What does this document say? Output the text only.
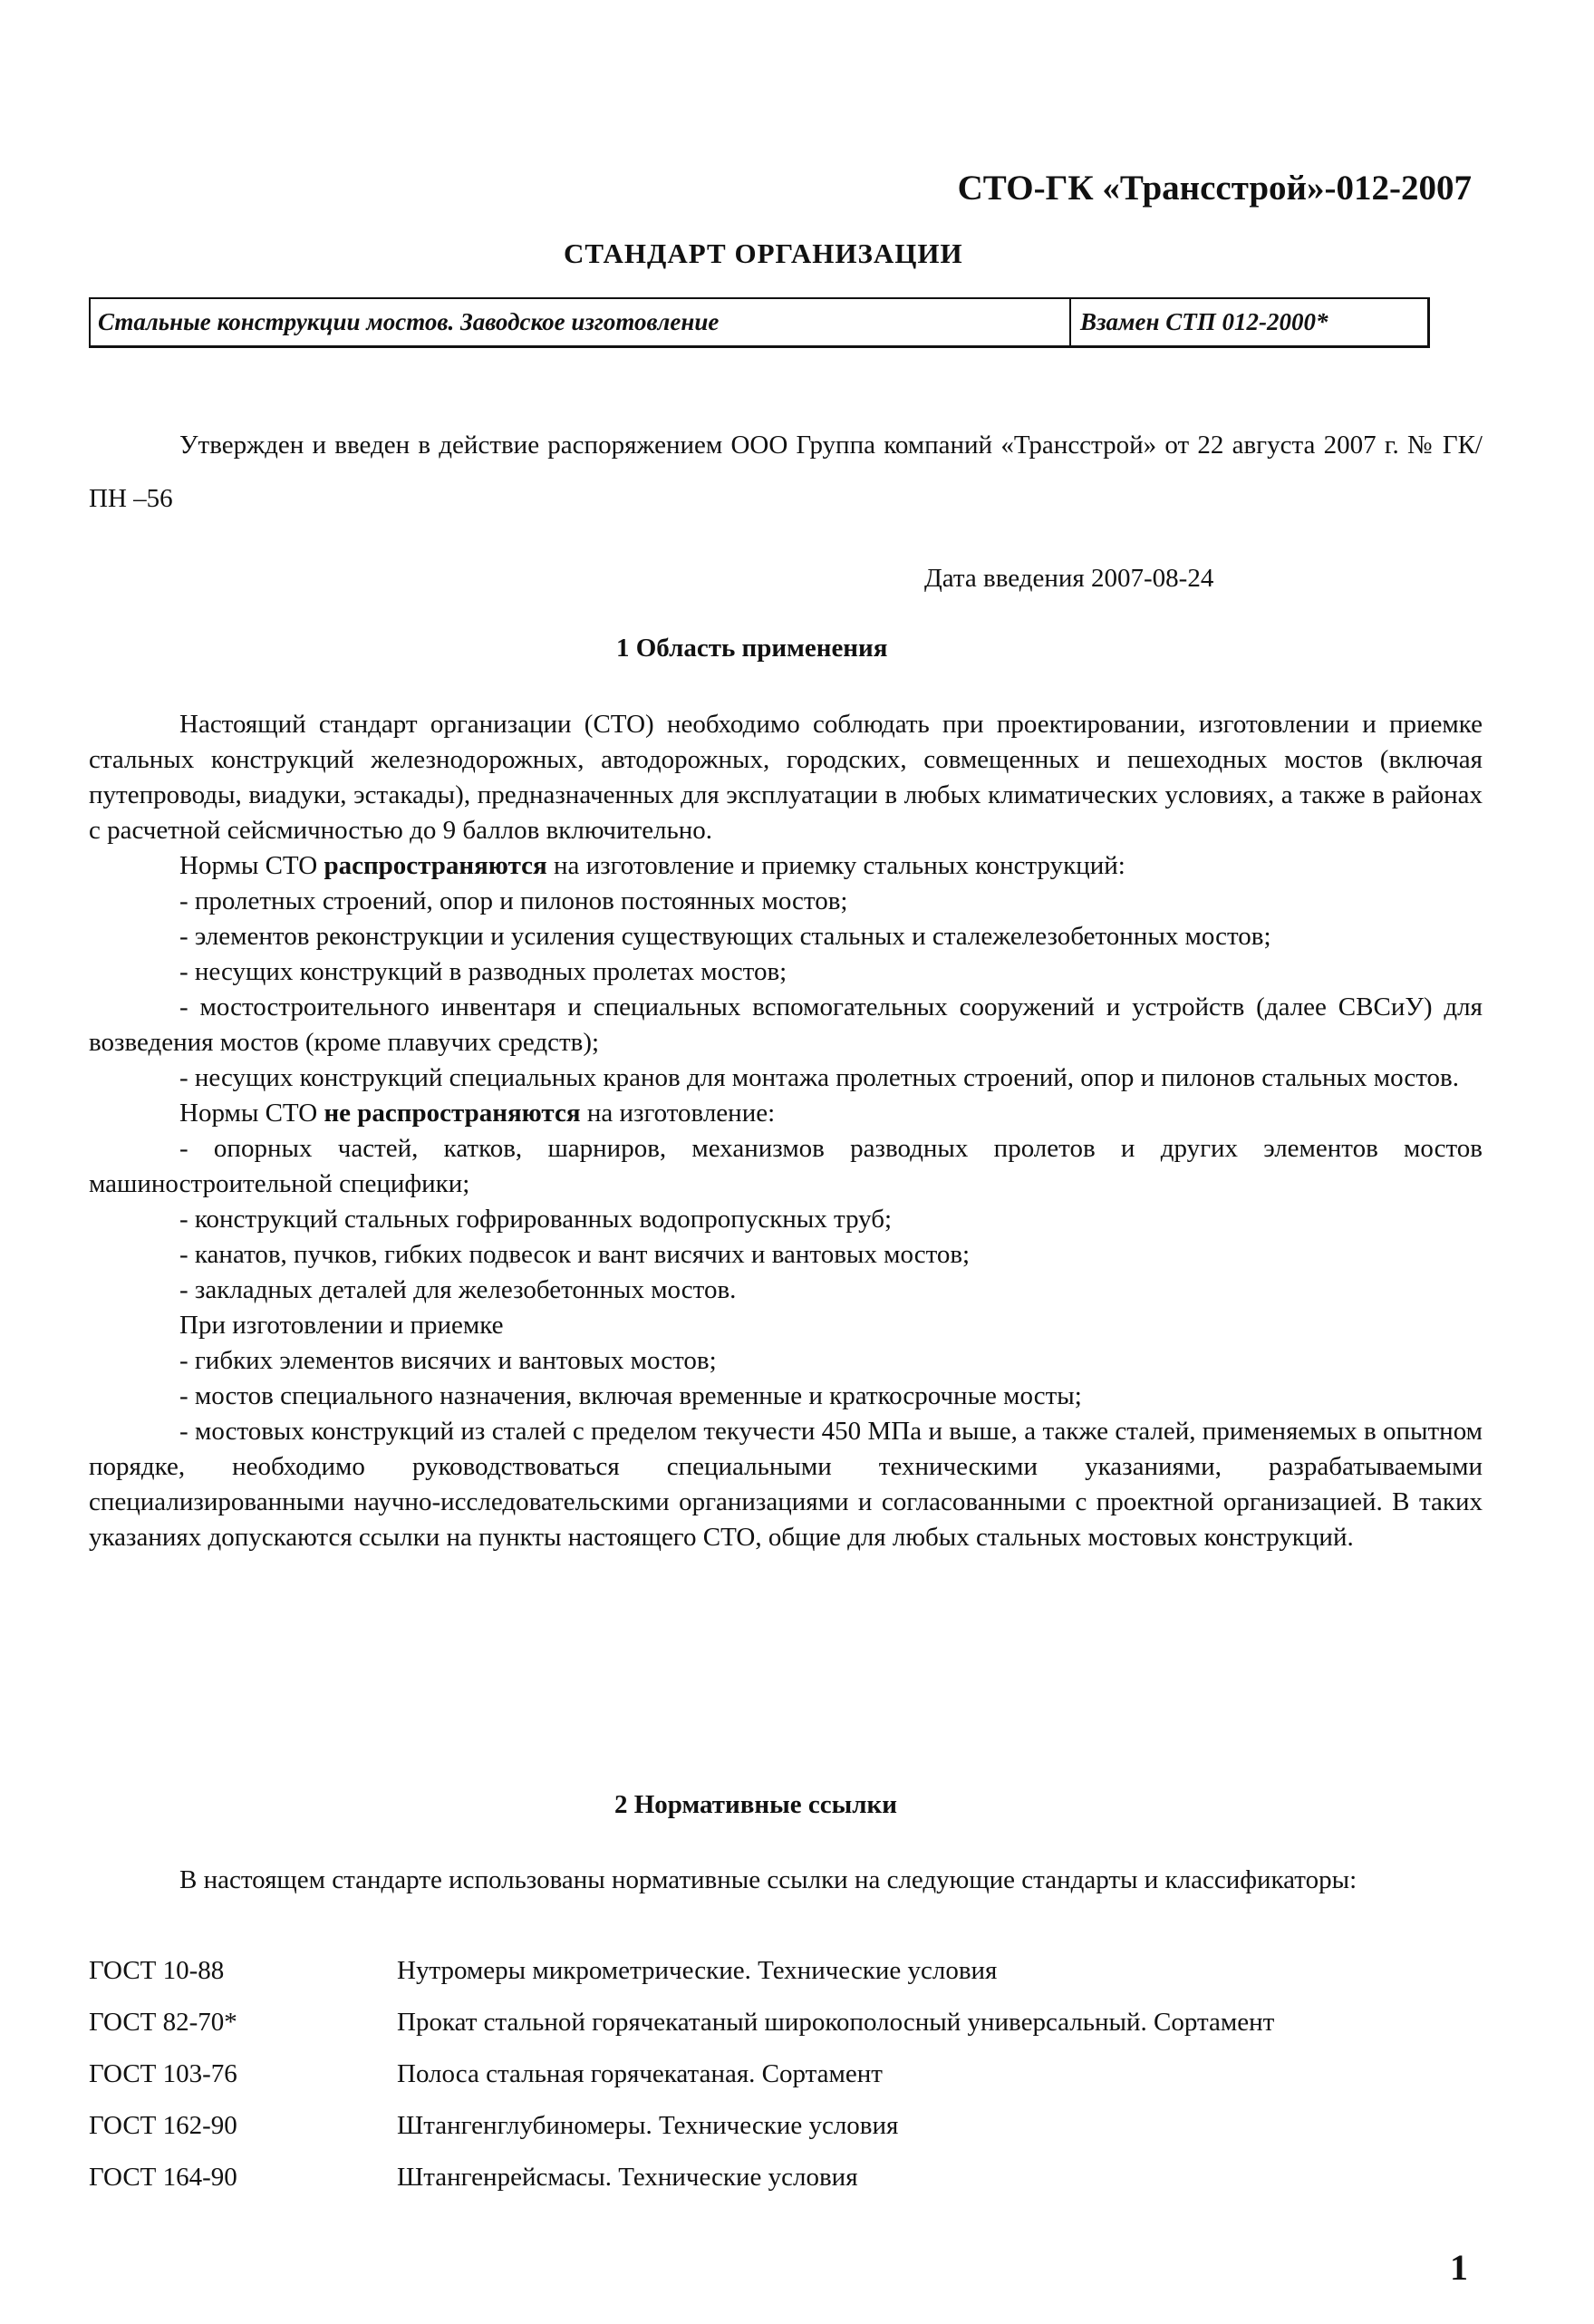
СТО-ГК «Трансстрой»-012-2007
СТАНДАРТ ОРГАНИЗАЦИИ
Стальные конструкции мостов. Заводское изготовление	Взамен СТП 012-2000*
Утвержден и введен в действие распоряжением ООО Группа компаний «Трансстрой» от 22 августа 2007 г. № ГК/ПН –56
Дата введения 2007-08-24
1 Область применения
Настоящий стандарт организации (СТО) необходимо соблюдать при проектировании, изготовлении и приемке стальных конструкций железнодорожных, автодорожных, городских, совмещенных и пешеходных мостов (включая путепроводы, виадуки, эстакады), предназначенных для эксплуатации в любых климатических условиях, а также в районах с расчетной сейсмичностью до 9 баллов включительно.
Нормы СТО распространяются на изготовление и приемку стальных конструкций:
- пролетных строений, опор и пилонов постоянных мостов;
- элементов реконструкции и усиления существующих стальных и сталежелезобетонных мостов;
- несущих конструкций в разводных пролетах мостов;
- мостостроительного инвентаря и специальных вспомогательных сооружений и устройств (далее СВСиУ) для возведения мостов (кроме плавучих средств);
- несущих конструкций специальных кранов для монтажа пролетных строений, опор и пилонов стальных мостов.
Нормы СТО не распространяются на изготовление:
- опорных частей, катков, шарниров, механизмов разводных пролетов и других элементов мостов машиностроительной специфики;
- конструкций стальных гофрированных водопропускных труб;
- канатов, пучков, гибких подвесок и вант висячих и вантовых мостов;
- закладных деталей для железобетонных мостов.
При изготовлении и приемке
- гибких элементов висячих и вантовых мостов;
- мостов специального назначения, включая временные и краткосрочные мосты;
- мостовых конструкций из сталей с пределом текучести 450 МПа и выше, а также сталей, применяемых в опытном порядке, необходимо руководствоваться специальными техническими указаниями, разрабатываемыми специализированными научно-исследовательскими организациями и согласованными с проектной организацией. В таких указаниях допускаются ссылки на пункты настоящего СТО, общие для любых стальных мостовых конструкций.
2 Нормативные ссылки
В настоящем стандарте использованы нормативные ссылки на следующие стандарты и классификаторы:
ГОСТ 10-88	Нутромеры микрометрические. Технические условия
ГОСТ 82-70*	Прокат стальной горячекатаный широкополосный универсальный. Сортамент
ГОСТ 103-76	Полоса стальная горячекатаная. Сортамент
ГОСТ 162-90	Штангенглубиномеры. Технические условия
ГОСТ 164-90	Штангенрейсмасы. Технические условия
1
